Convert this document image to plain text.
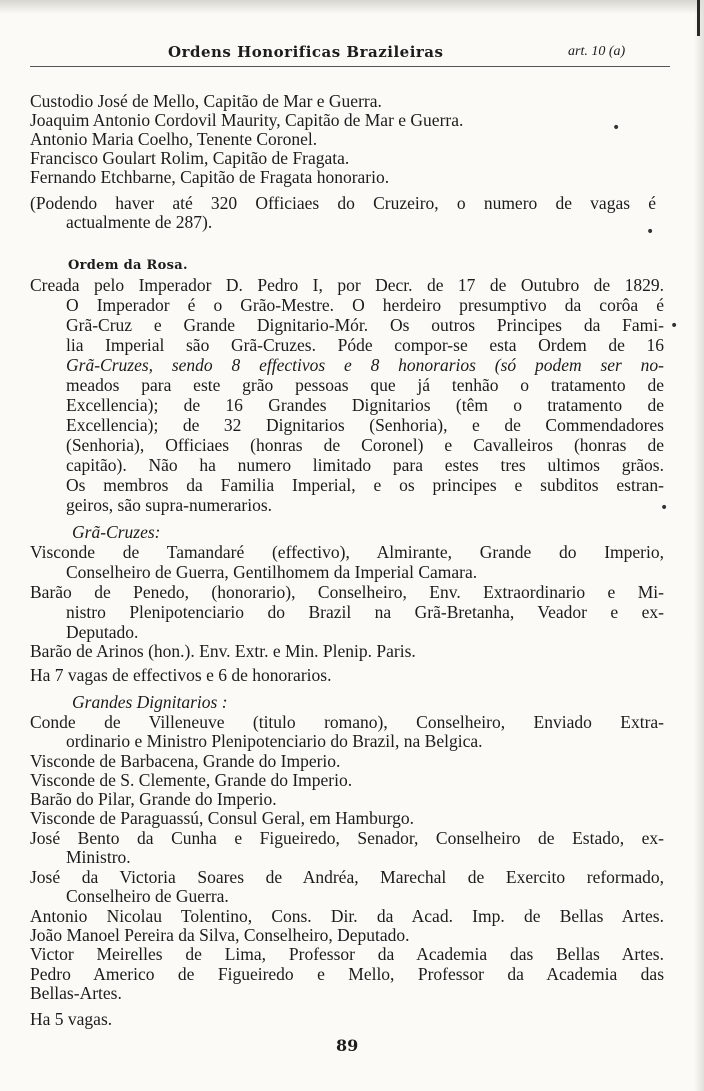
Ordens Honorificas Brazileiras	art. 10 (a)
Custodio José de Mello, Capitão de Mar e Guerra.
Joaquim Antonio Cordovil Maurity, Capitão de Mar e Guerra.
Antonio Maria Coelho, Tenente Coronel.
Francisco Goulart Rolim, Capitão de Fragata.
Fernando Etchbarne, Capitão de Fragata honorario.
(Podendo haver até 320 Officiaes do Cruzeiro, o numero de vagas é
actualmente de 287).
Ordem da Rosa.
Creada pelo Imperador D. Pedro I, por Decr. de 17 de Outubro de 1829.
O Imperador é o Grão-Mestre. O herdeiro presumptivo da corôa é
Grã-Cruz e Grande Dignitario-Mór. Os outros Principes da Fami-
lia Imperial são Grã-Cruzes. Póde compor-se esta Ordem de 16
Grã-Cruzes, sendo 8 effectivos e 8 honorarios (só podem ser no-
meados para este grão pessoas que já tenhão o tratamento de
Excellencia); de 16 Grandes Dignitarios (têm o tratamento de
Excellencia); de 32 Dignitarios (Senhoria), e de Commendadores
(Senhoria), Officiaes (honras de Coronel) e Cavalleiros (honras de
capitão). Não ha numero limitado para estes tres ultimos grãos.
Os membros da Familia Imperial, e os principes e subditos estran-
geiros, são supra-numerarios.
Grã-Cruzes:
Visconde de Tamandaré (effectivo), Almirante, Grande do Imperio,
Conselheiro de Guerra, Gentilhomem da Imperial Camara.
Barão de Penedo, (honorario), Conselheiro, Env. Extraordinario e Mi-
nistro Plenipotenciario do Brazil na Grã-Bretanha, Veador e ex-
Deputado.
Barão de Arinos (hon.). Env. Extr. e Min. Plenip. Paris.
Ha 7 vagas de effectivos e 6 de honorarios.
Grandes Dignitarios :
Conde de Villeneuve (titulo romano), Conselheiro, Enviado Extra-
ordinario e Ministro Plenipotenciario do Brazil, na Belgica.
Visconde de Barbacena, Grande do Imperio.
Visconde de S. Clemente, Grande do Imperio.
Barão do Pilar, Grande do Imperio.
Visconde de Paraguassú, Consul Geral, em Hamburgo.
José Bento da Cunha e Figueiredo, Senador, Conselheiro de Estado, ex-
Ministro.
José da Victoria Soares de Andréa, Marechal de Exercito reformado,
Conselheiro de Guerra.
Antonio Nicolau Tolentino, Cons. Dir. da Acad. Imp. de Bellas Artes.
João Manoel Pereira da Silva, Conselheiro, Deputado.
Victor Meirelles de Lima, Professor da Academia das Bellas Artes.
Pedro Americo de Figueiredo e Mello, Professor da Academia das
Bellas-Artes.
Ha 5 vagas.
89
•
•
•
•
